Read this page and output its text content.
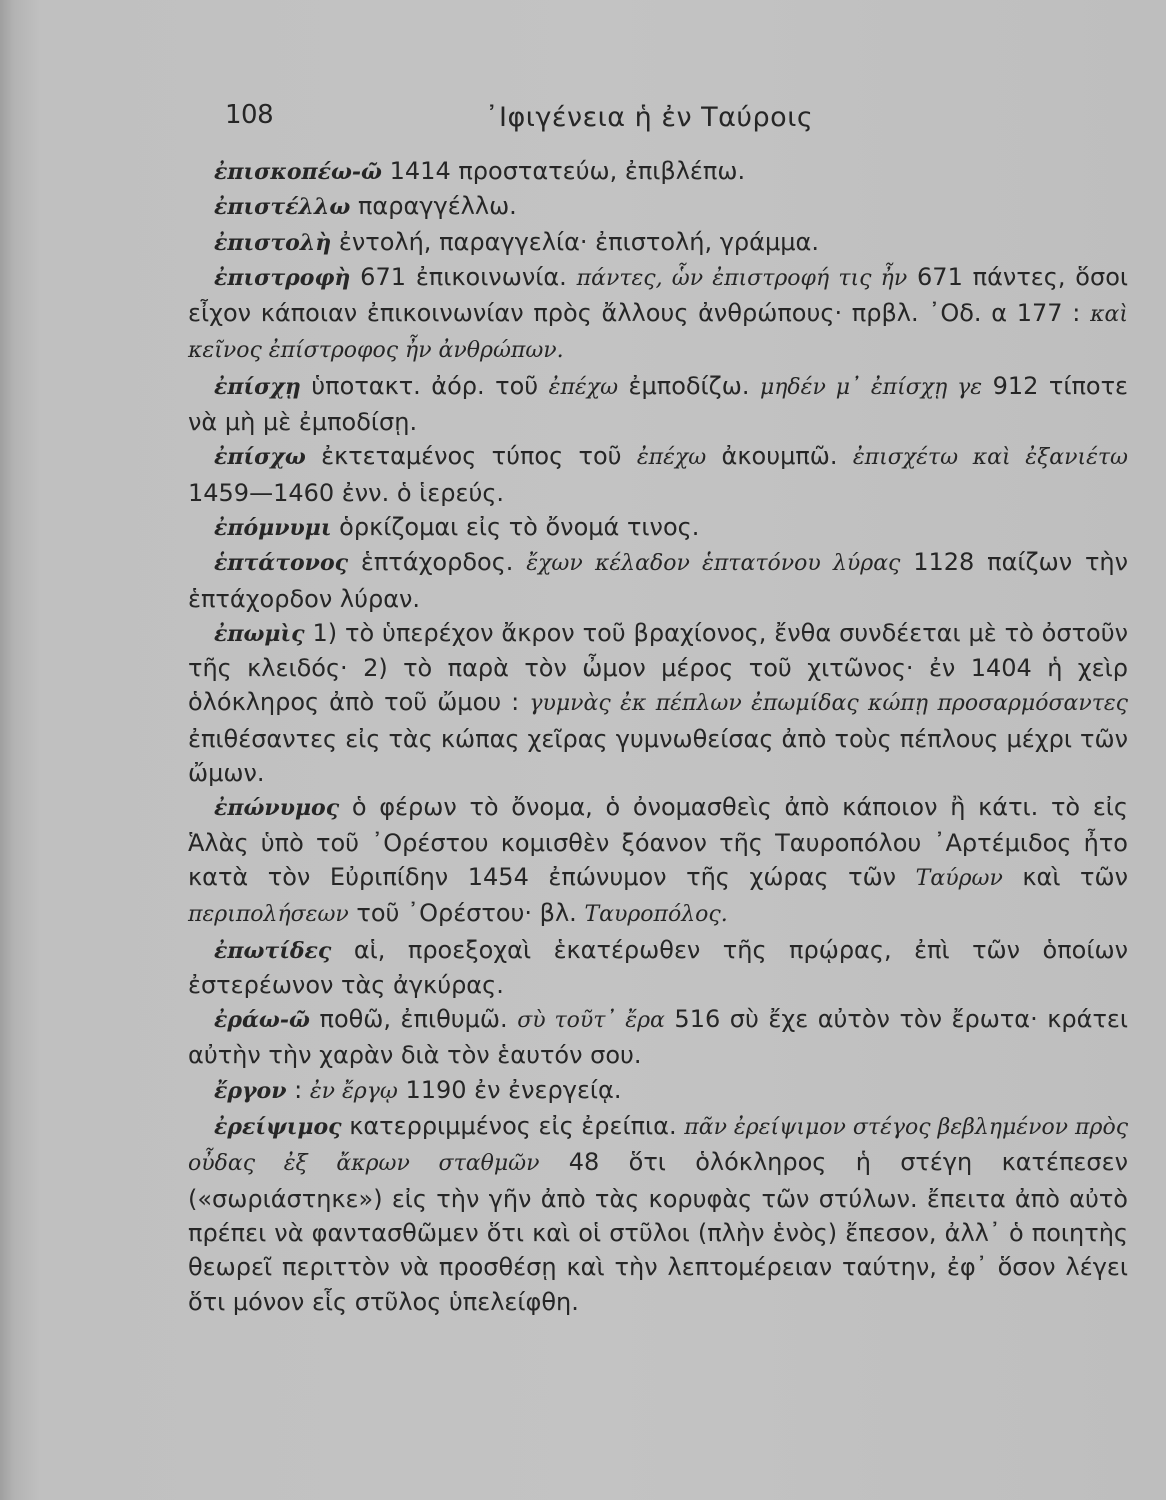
108	᾿Ιφιγένεια ἡ ἐν Ταύροις

ἐπισκοπέω-ῶ 1414 προστατεύω, ἐπιβλέπω.

ἐπιστέλλω παραγγέλλω.

ἐπιστολὴ ἐντολή, παραγγελία· ἐπιστολή, γράμμα.

ἐπιστροφὴ 671 ἐπικοινωνία. πάντες, ὧν ἐπιστροφή τις ἦν 671 πάντες, ὅσοι εἶχον κάποιαν ἐπικοινωνίαν πρὸς ἄλλους ἀνθρώπους· πρβλ. ᾿Οδ. α 177 : καὶ κεῖνος ἐπίστροφος ἦν ἀνθρώπων.

ἐπίσχῃ ὑποτακτ. ἀόρ. τοῦ ἐπέχω ἐμποδίζω. μηδέν μ᾿ ἐπίσχῃ γε 912 τίποτε νὰ μὴ μὲ ἐμποδίσῃ.

ἐπίσχω ἐκτεταμένος τύπος τοῦ ἐπέχω ἀκουμπῶ. ἐπισχέτω καὶ ἐξανιέτω 1459—1460 ἐνν. ὁ ἱερεύς.

ἐπόμνυμι ὁρκίζομαι εἰς τὸ ὄνομά τινος.

ἑπτάτονος ἑπτάχορδος. ἔχων κέλαδον ἑπτατόνου λύρας 1128 παίζων τὴν ἑπτάχορδον λύραν.

ἐπωμὶς 1) τὸ ὑπερέχον ἄκρον τοῦ βραχίονος, ἔνθα συνδέεται μὲ τὸ ὀστοῦν τῆς κλειδός· 2) τὸ παρὰ τὸν ὦμον μέρος τοῦ χιτῶνος· ἐν 1404 ἡ χεὶρ ὁλόκληρος ἀπὸ τοῦ ὤμου : γυμνὰς ἐκ πέπλων ἐπωμίδας κώπῃ προσαρμόσαντες ἐπιθέσαντες εἰς τὰς κώπας χεῖρας γυμνωθείσας ἀπὸ τοὺς πέπλους μέχρι τῶν ὤμων.

ἐπώνυμος ὁ φέρων τὸ ὄνομα, ὁ ὀνομασθεὶς ἀπὸ κάποιον ἢ κάτι. τὸ εἰς Ἁλὰς ὑπὸ τοῦ ᾿Ορέστου κομισθὲν ξόανον τῆς Ταυροπόλου ᾿Αρτέμιδος ἦτο κατὰ τὸν Εὐριπίδην 1454 ἐπώνυμον τῆς χώρας τῶν Ταύρων καὶ τῶν περιπολήσεων τοῦ ᾿Ορέστου· βλ. Ταυροπόλος.

ἐπωτίδες αἱ, προεξοχαὶ ἑκατέρωθεν τῆς πρῴρας, ἐπὶ τῶν ὁποίων ἐστερέωνον τὰς ἀγκύρας.

ἐράω-ῶ ποθῶ, ἐπιθυμῶ. σὺ τοῦτ᾿ ἔρα 516 σὺ ἔχε αὐτὸν τὸν ἔρωτα· κράτει αὐτὴν τὴν χαρὰν διὰ τὸν ἑαυτόν σου.

ἔργον : ἐν ἔργῳ 1190 ἐν ἐνεργείᾳ.

ἐρείψιμος κατερριμμένος εἰς ἐρείπια. πᾶν ἐρείψιμον στέγος βεβλημένον πρὸς οὖδας ἐξ ἄκρων σταθμῶν 48 ὅτι ὁλόκληρος ἡ στέγη κατέπεσεν («σωριάστηκε») εἰς τὴν γῆν ἀπὸ τὰς κορυφὰς τῶν στύλων. ἔπειτα ἀπὸ αὐτὸ πρέπει νὰ φαντασθῶμεν ὅτι καὶ οἱ στῦλοι (πλὴν ἑνὸς) ἔπεσον, ἀλλ᾿ ὁ ποιητὴς θεωρεῖ περιττὸν νὰ προσθέσῃ καὶ τὴν λεπτομέρειαν ταύτην, ἐφ᾿ ὅσον λέγει ὅτι μόνον εἷς στῦλος ὑπελείφθη.
